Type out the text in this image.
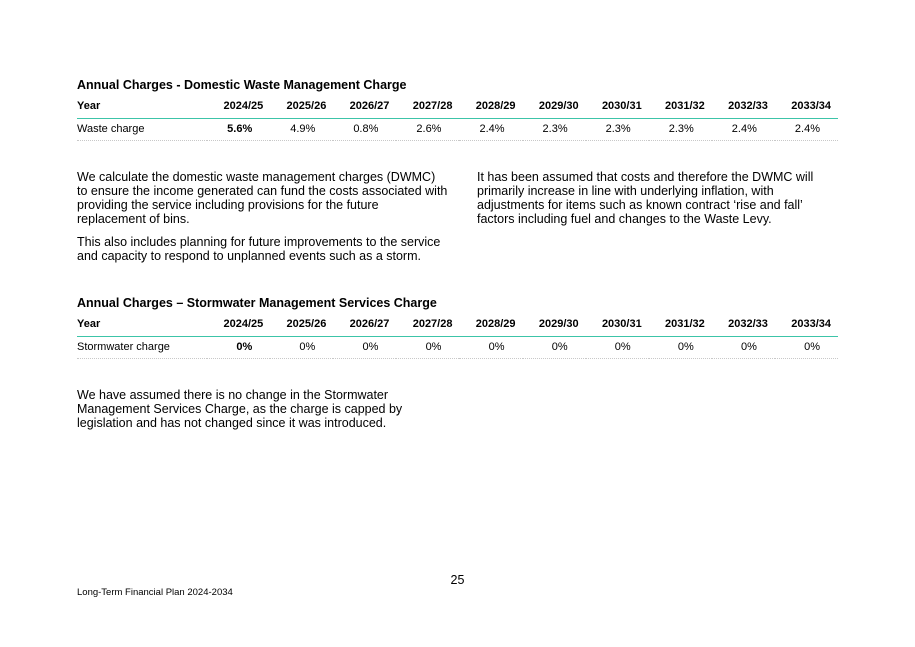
Annual Charges - Domestic Waste Management Charge
Year	2024/25	2025/26	2026/27	2027/28	2028/29	2029/30	2030/31	2031/32	2032/33	2033/34
Waste charge	5.6%	4.9%	0.8%	2.6%	2.4%	2.3%	2.3%	2.3%	2.4%	2.4%

We calculate the domestic waste management charges (DWMC) to ensure the income generated can fund the costs associated with providing the service including provisions for the future replacement of bins.

This also includes planning for future improvements to the service and capacity to respond to unplanned events such as a storm.

It has been assumed that costs and therefore the DWMC will primarily increase in line with underlying inflation, with adjustments for items such as known contract ‘rise and fall’ factors including fuel and changes to the Waste Levy.

Annual Charges – Stormwater Management Services Charge
Year	2024/25	2025/26	2026/27	2027/28	2028/29	2029/30	2030/31	2031/32	2032/33	2033/34
Stormwater charge	0%	0%	0%	0%	0%	0%	0%	0%	0%	0%

We have assumed there is no change in the Stormwater Management Services Charge, as the charge is capped by legislation and has not changed since it was introduced.

25
Long-Term Financial Plan 2024-2034
